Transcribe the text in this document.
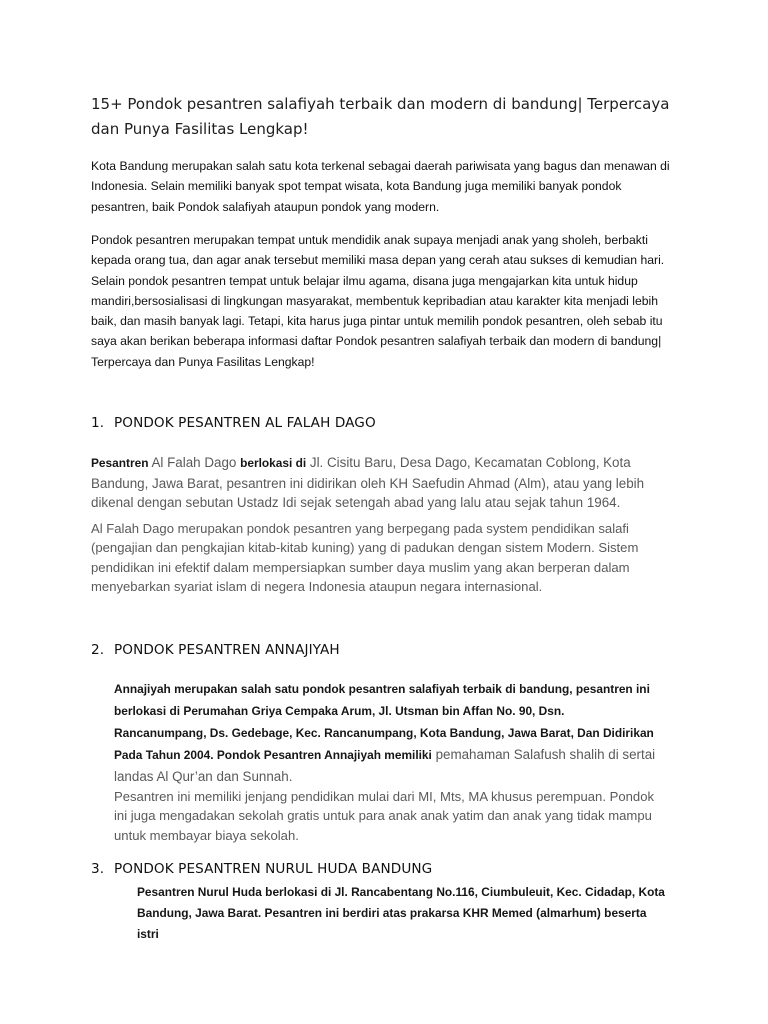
15+ Pondok pesantren salafiyah terbaik dan modern di bandung| Terpercaya dan Punya Fasilitas Lengkap!
Kota Bandung merupakan salah satu kota terkenal sebagai daerah pariwisata yang bagus dan menawan di Indonesia. Selain memiliki banyak spot tempat wisata, kota Bandung juga memiliki banyak pondok pesantren, baik Pondok salafiyah ataupun pondok yang modern.
Pondok pesantren merupakan tempat untuk mendidik anak supaya menjadi anak yang sholeh, berbakti kepada orang tua, dan agar anak tersebut memiliki masa depan yang cerah atau sukses di kemudian hari. Selain pondok pesantren tempat untuk belajar ilmu agama, disana juga mengajarkan kita untuk hidup mandiri,bersosialisasi di lingkungan masyarakat, membentuk kepribadian atau karakter kita menjadi lebih baik, dan masih banyak lagi. Tetapi, kita harus juga pintar untuk memilih pondok pesantren, oleh sebab itu saya akan berikan beberapa informasi daftar Pondok pesantren salafiyah terbaik dan modern di bandung| Terpercaya dan Punya Fasilitas Lengkap!
1. PONDOK PESANTREN AL FALAH DAGO
Pesantren Al Falah Dago berlokasi di Jl. Cisitu Baru, Desa Dago, Kecamatan Coblong, Kota Bandung, Jawa Barat, pesantren ini didirikan oleh KH Saefudin Ahmad (Alm), atau yang lebih dikenal dengan sebutan Ustadz Idi sejak setengah abad yang lalu atau sejak tahun 1964.
Al Falah Dago merupakan pondok pesantren yang berpegang pada system pendidikan salafi (pengajian dan pengkajian kitab-kitab kuning) yang di padukan dengan sistem Modern. Sistem pendidikan ini efektif dalam mempersiapkan sumber daya muslim yang akan berperan dalam menyebarkan syariat islam di negera Indonesia ataupun negara internasional.
2. PONDOK PESANTREN ANNAJIYAH
Annajiyah merupakan salah satu pondok pesantren salafiyah terbaik di bandung, pesantren ini berlokasi di Perumahan Griya Cempaka Arum, Jl. Utsman bin Affan No. 90, Dsn. Rancanumpang, Ds. Gedebage, Kec. Rancanumpang, Kota Bandung, Jawa Barat, Dan Didirikan Pada Tahun 2004. Pondok Pesantren Annajiyah memiliki pemahaman Salafush shalih di sertai landas Al Qur’an dan Sunnah.
Pesantren ini memiliki jenjang pendidikan mulai dari MI, Mts, MA khusus perempuan. Pondok ini juga mengadakan sekolah gratis untuk para anak anak yatim dan anak yang tidak mampu untuk membayar biaya sekolah.
3. PONDOK PESANTREN NURUL HUDA BANDUNG
Pesantren Nurul Huda berlokasi di Jl. Rancabentang No.116, Ciumbuleuit, Kec. Cidadap, Kota Bandung, Jawa Barat. Pesantren ini berdiri atas prakarsa KHR Memed (almarhum) beserta istri
